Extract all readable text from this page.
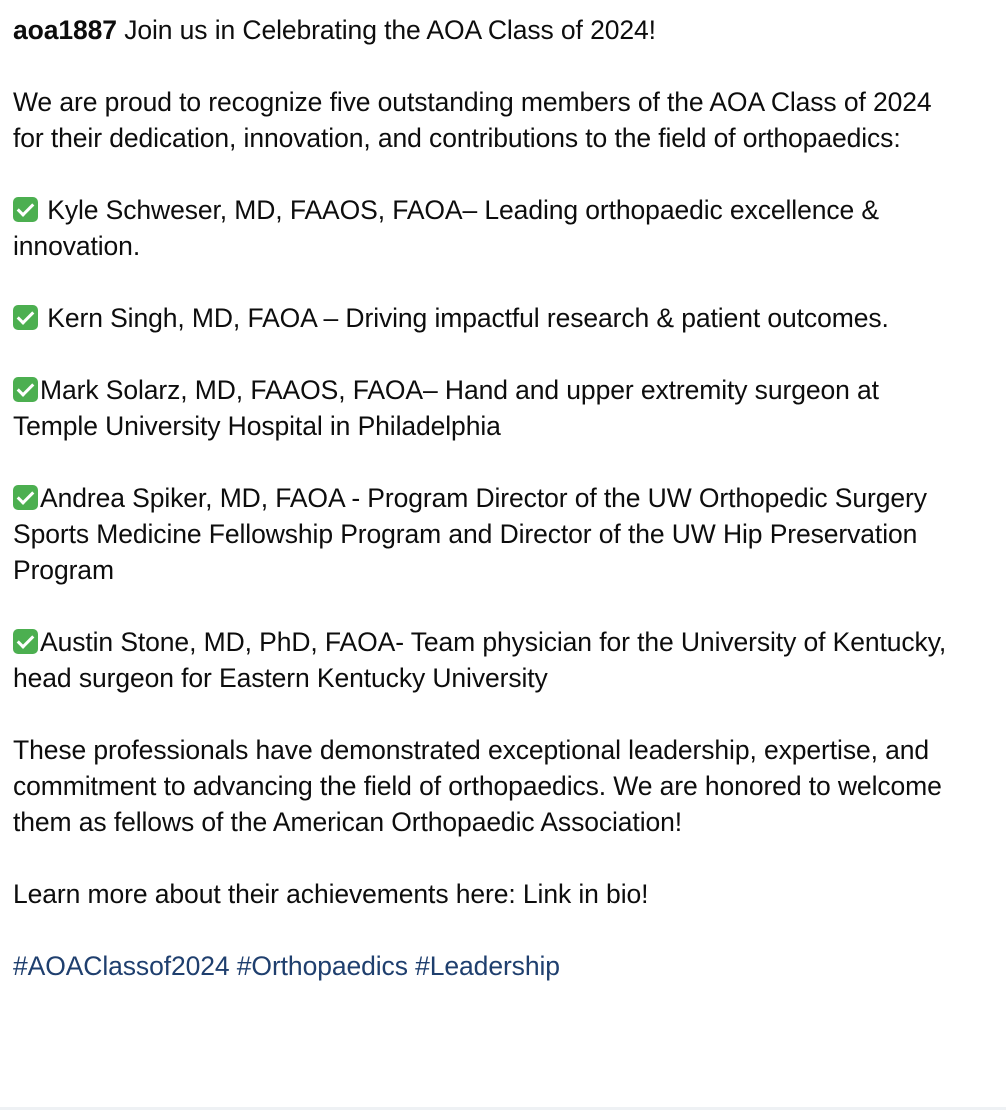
aoa1887 Join us in Celebrating the AOA Class of 2024!

We are proud to recognize five outstanding members of the AOA Class of 2024 for their dedication, innovation, and contributions to the field of orthopaedics:

Kyle Schweser, MD, FAAOS, FAOA– Leading orthopaedic excellence & innovation.

Kern Singh, MD, FAOA – Driving impactful research & patient outcomes.

Mark Solarz, MD, FAAOS, FAOA– Hand and upper extremity surgeon at Temple University Hospital in Philadelphia

Andrea Spiker, MD, FAOA - Program Director of the UW Orthopedic Surgery Sports Medicine Fellowship Program and Director of the UW Hip Preservation Program

Austin Stone, MD, PhD, FAOA- Team physician for the University of Kentucky, head surgeon for Eastern Kentucky University

These professionals have demonstrated exceptional leadership, expertise, and commitment to advancing the field of orthopaedics. We are honored to welcome them as fellows of the American Orthopaedic Association!

Learn more about their achievements here: Link in bio!

#AOAClassof2024 #Orthopaedics #Leadership
